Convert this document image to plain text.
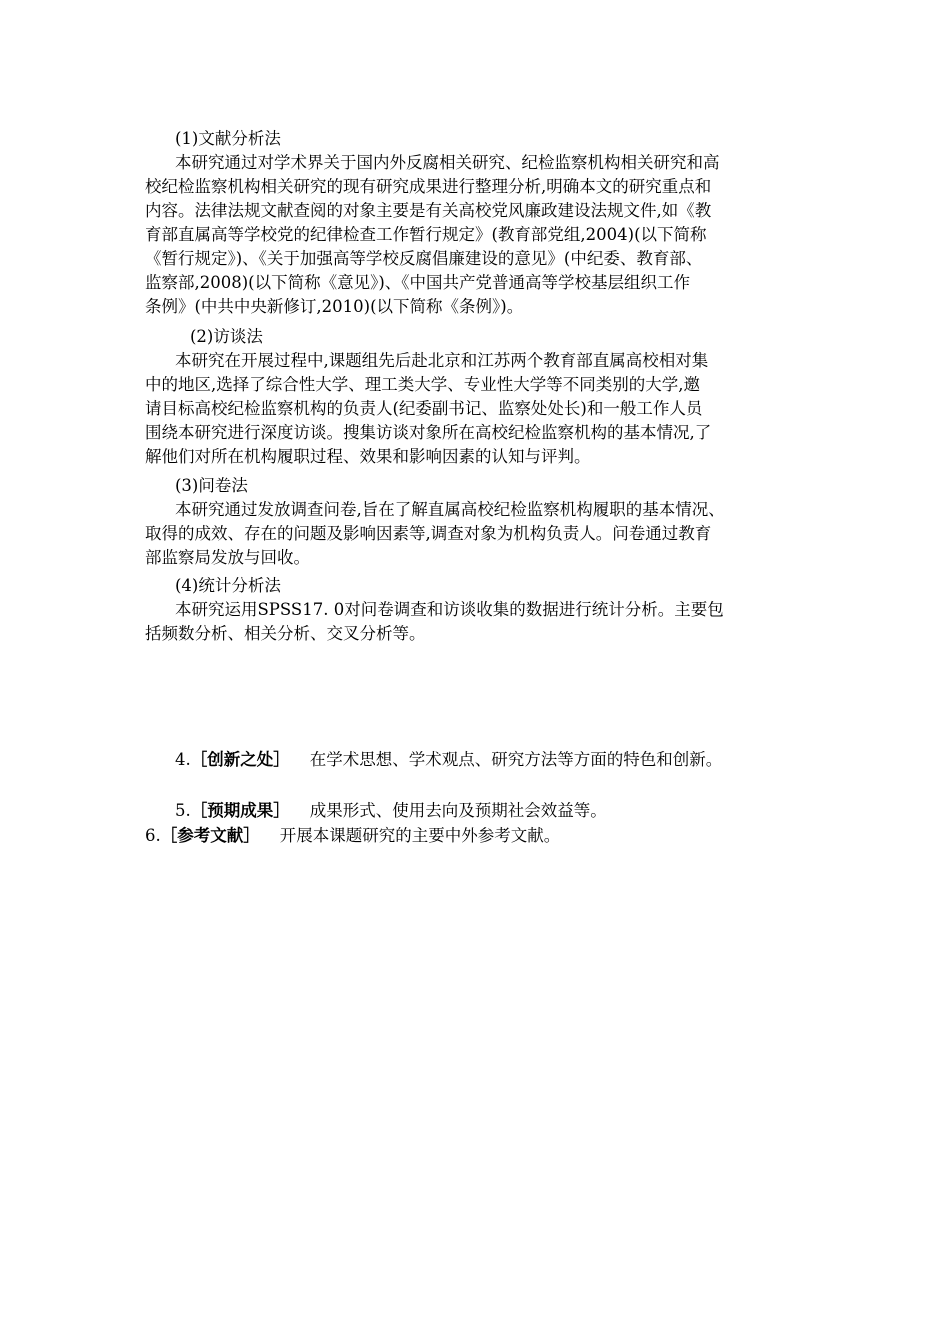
(1)文献分析法
本研究通过对学术界关于国内外反腐相关研究、纪检监察机构相关研究和高
校纪检监察机构相关研究的现有研究成果进行整理分析,明确本文的研究重点和
内容。法律法规文献查阅的对象主要是有关高校党风廉政建设法规文件,如《教
育部直属高等学校党的纪律检查工作暂行规定》(教育部党组,2004)(以下简称
《暂行规定》)、《关于加强高等学校反腐倡廉建设的意见》(中纪委、教育部、
监察部,2008)(以下简称《意见》)、《中国共产党普通高等学校基层组织工作
条例》(中共中央新修订,2010)(以下简称《条例》)。
(2)访谈法
本研究在开展过程中,课题组先后赴北京和江苏两个教育部直属高校相对集
中的地区,选择了综合性大学、理工类大学、专业性大学等不同类别的大学,邀
请目标高校纪检监察机构的负责人(纪委副书记、监察处处长)和一般工作人员
围绕本研究进行深度访谈。搜集访谈对象所在高校纪检监察机构的基本情况,了
解他们对所在机构履职过程、效果和影响因素的认知与评判。
(3)问卷法
本研究通过发放调查问卷,旨在了解直属高校纪检监察机构履职的基本情况、
取得的成效、存在的问题及影响因素等,调查对象为机构负责人。问卷通过教育
部监察局发放与回收。
(4)统计分析法
本研究运用SPSS17. 0对问卷调查和访谈收集的数据进行统计分析。主要包
括频数分析、相关分析、交叉分析等。
4.［创新之处］ 在学术思想、学术观点、研究方法等方面的特色和创新。
5.［预期成果］ 成果形式、使用去向及预期社会效益等。
6.［参考文献］ 开展本课题研究的主要中外参考文献。
